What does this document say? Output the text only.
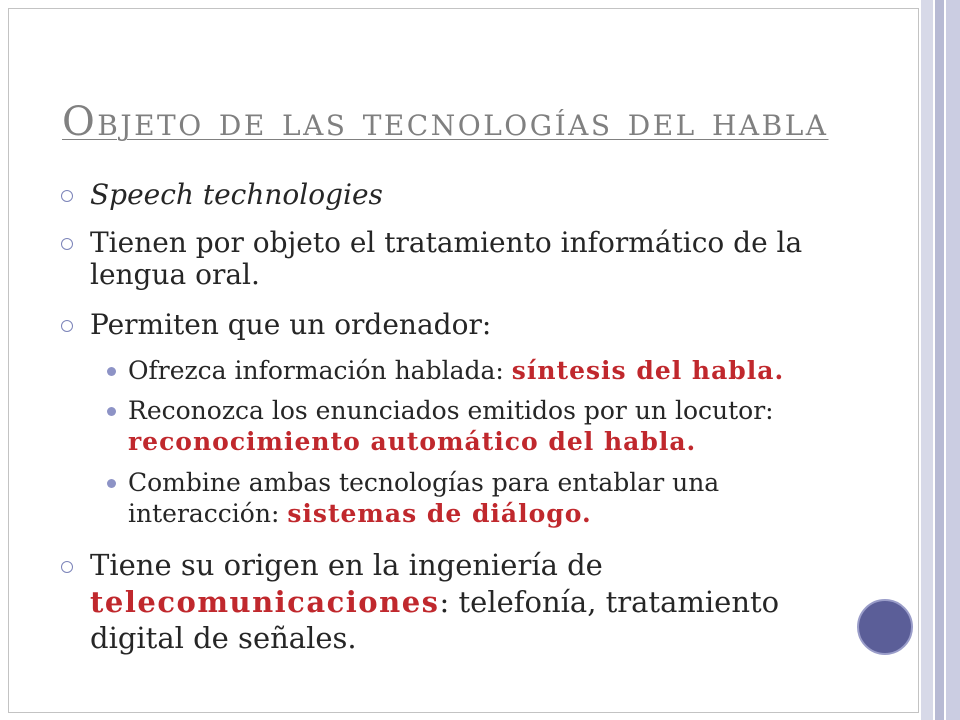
Objeto de las tecnologías del habla
Speech technologies
Tienen por objeto el tratamiento informático de la lengua oral.
Permiten que un ordenador:
Ofrezca información hablada: síntesis del habla.
Reconozca los enunciados emitidos por un locutor: reconocimiento automático del habla.
Combine ambas tecnologías para entablar una interacción: sistemas de diálogo.
Tiene su origen en la ingeniería de telecomunicaciones: telefonía, tratamiento digital de señales.
